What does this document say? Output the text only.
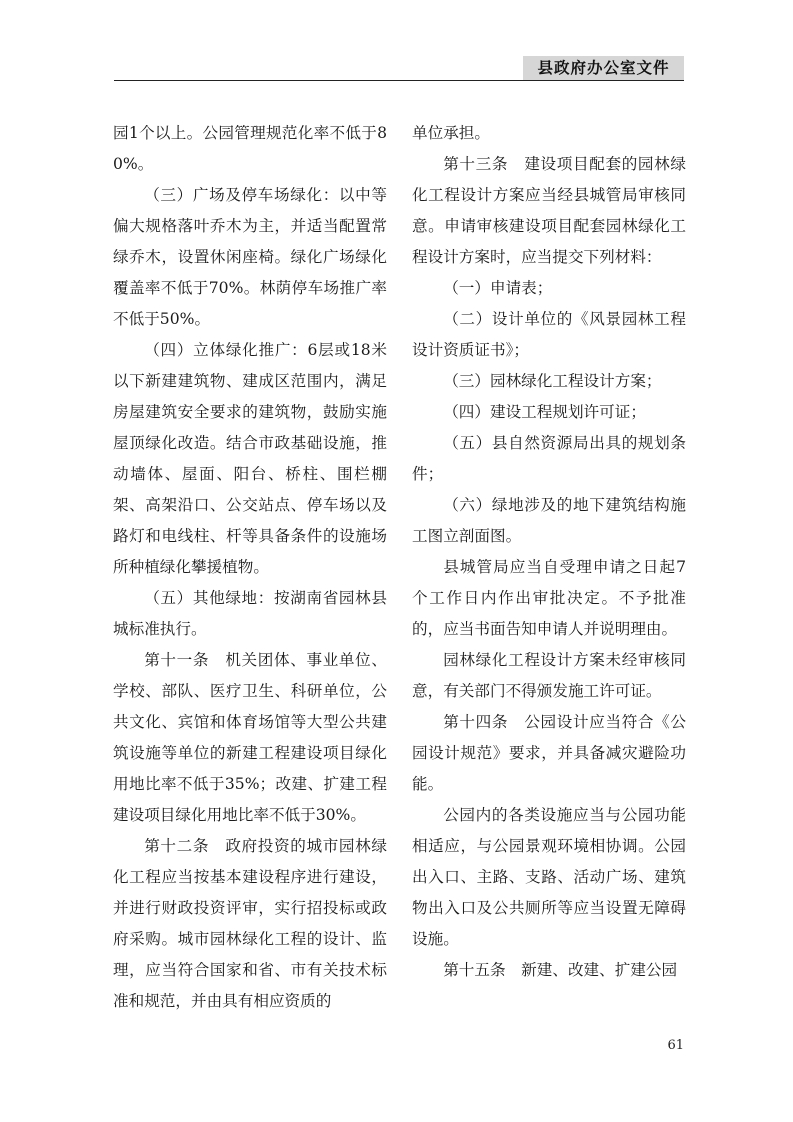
县政府办公室文件

园1个以上。公园管理规范化率不低于80%。

（三）广场及停车场绿化：以中等偏大规格落叶乔木为主，并适当配置常绿乔木，设置休闲座椅。绿化广场绿化覆盖率不低于70%。林荫停车场推广率不低于50%。

（四）立体绿化推广：6层或18米以下新建建筑物、建成区范围内，满足房屋建筑安全要求的建筑物，鼓励实施屋顶绿化改造。结合市政基础设施，推动墙体、屋面、阳台、桥柱、围栏棚架、高架沿口、公交站点、停车场以及路灯和电线柱、杆等具备条件的设施场所种植绿化攀援植物。

（五）其他绿地：按湖南省园林县城标准执行。

第十一条　机关团体、事业单位、学校、部队、医疗卫生、科研单位，公共文化、宾馆和体育场馆等大型公共建筑设施等单位的新建工程建设项目绿化用地比率不低于35%；改建、扩建工程建设项目绿化用地比率不低于30%。

第十二条　政府投资的城市园林绿化工程应当按基本建设程序进行建设，并进行财政投资评审，实行招投标或政府采购。城市园林绿化工程的设计、监理，应当符合国家和省、市有关技术标准和规范，并由具有相应资质的

单位承担。

第十三条　建设项目配套的园林绿化工程设计方案应当经县城管局审核同意。申请审核建设项目配套园林绿化工程设计方案时，应当提交下列材料：

（一）申请表；

（二）设计单位的《风景园林工程设计资质证书》；

（三）园林绿化工程设计方案；

（四）建设工程规划许可证；

（五）县自然资源局出具的规划条件；

（六）绿地涉及的地下建筑结构施工图立剖面图。

县城管局应当自受理申请之日起7个工作日内作出审批决定。不予批准的，应当书面告知申请人并说明理由。

园林绿化工程设计方案未经审核同意，有关部门不得颁发施工许可证。

第十四条　公园设计应当符合《公园设计规范》要求，并具备减灾避险功能。

公园内的各类设施应当与公园功能相适应，与公园景观环境相协调。公园出入口、主路、支路、活动广场、建筑物出入口及公共厕所等应当设置无障碍设施。

第十五条　新建、改建、扩建公园

61
